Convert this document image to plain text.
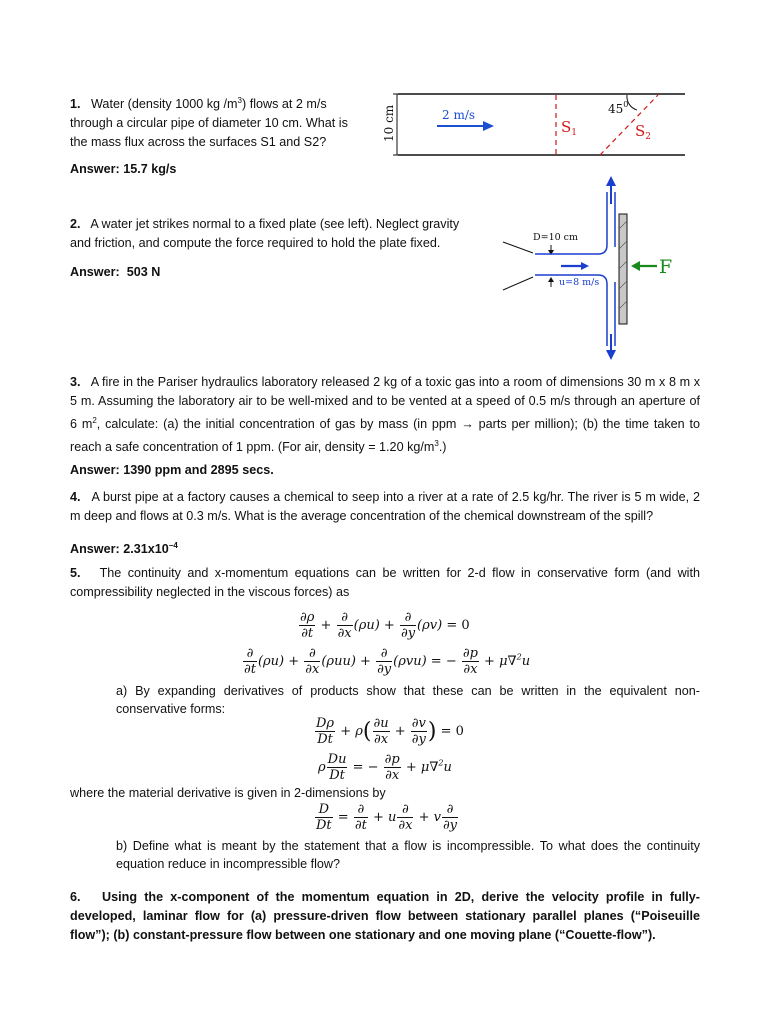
1. Water (density 1000 kg $/m^3$) flows at 2 m/s
through a circular pipe of diameter 10 cm. What is
the mass flux across the surfaces S1 and S2?
Answer: 15.7 kg/s
10 cm	2 m/s
$S_1$	$S_2$
$45^0$
2. A water jet strikes normal to a fixed plate (see left). Neglect gravity
and friction, and compute the force required to hold the plate fixed.
Answer: 503 N
D=10 cm
u=8 m/s
F
3. A fire in the Pariser hydraulics laboratory released 2 kg of a toxic gas into a room of dimensions 30 m x 8 m x 5 m. Assuming the laboratory air to be well-mixed and to be vented at a speed of 0.5 m/s through an aperture of 6 $m^2$, calculate: (a) the initial concentration of gas by mass (in ppm → parts per million); (b) the time taken to reach a safe concentration of 1 ppm. (For air, density = 1.20 $kg/m^3$.)
Answer: 1390 ppm and 2895 secs.
4. A burst pipe at a factory causes a chemical to seep into a river at a rate of 2.5 kg/hr. The river is 5 m wide, 2 m deep and flows at 0.3 m/s. What is the average concentration of the chemical downstream of the spill?
Answer: $2.31x10^{-4}$
5. The continuity and x-momentum equations can be written for 2-d flow in conservative form (and with compressibility neglected in the viscous forces) as
$\frac{\partial\rho}{\partial t} + \frac{\partial}{\partial x} (\rho u) + \frac{\partial}{\partial y} (\rho v) = 0$
$\frac{\partial}{\partial t} (\rho u) + \frac{\partial}{\partial x} (\rho uu) + \frac{\partial}{\partial y} (\rho vu)$ = − $\frac{\partial p}{\partial x} + \mu\nabla^2u$
a) By expanding derivatives of products show that these can be written in the equivalent non-conservative forms:
$\frac{D\rho}{Dt} + \rho( \frac{\partial u}{\partial x} + \frac{\partial v}{\partial y}$ ) = 0
ρ $\frac{Du}{Dt}$ = − $\frac{\partial p}{\partial x} + \mu\nabla^2u$
where the material derivative is given in 2-dimensions by
$\frac{D}{Dt} = \frac{\partial}{\partial t} + u \frac{\partial}{\partial x} + v \frac{\partial}{\partial y}$
b) Define what is meant by the statement that a flow is incompressible. To what does the continuity equation reduce in incompressible flow?
6. Using the x-component of the momentum equation in 2D, derive the velocity profile in fully-developed, laminar flow for (a) pressure-driven flow between stationary parallel planes (“Poiseuille flow”); (b) constant-pressure flow between one stationary and one moving plane (“Couette-flow”).
